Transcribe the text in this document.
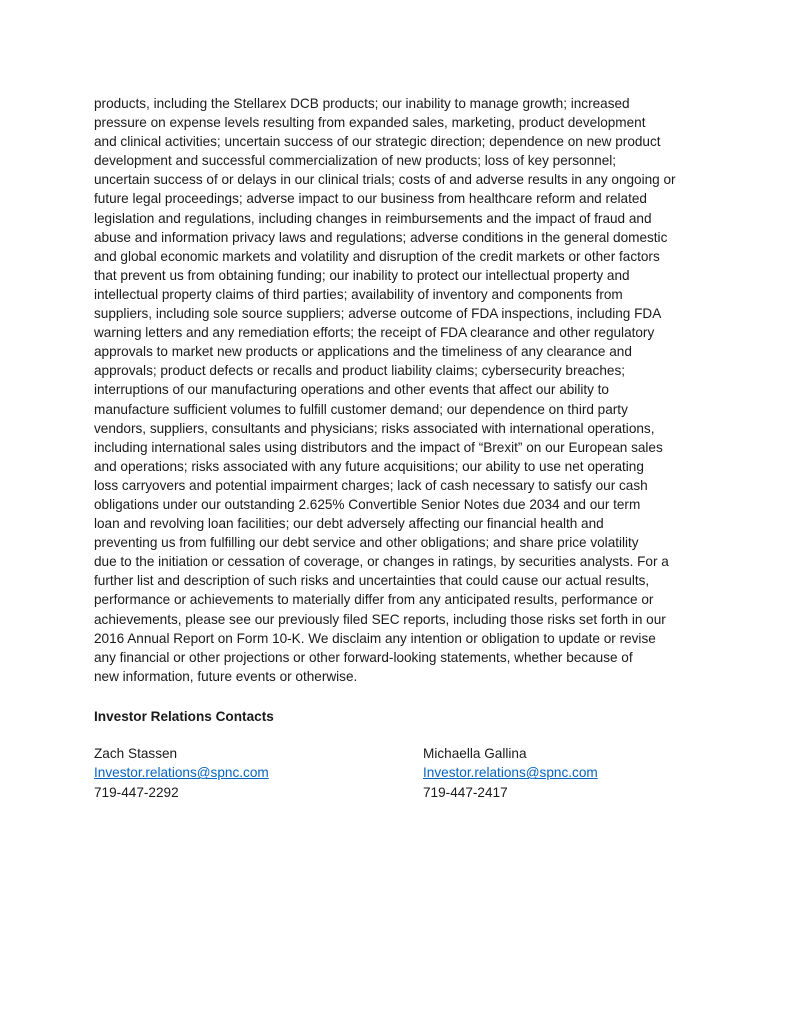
products, including the Stellarex DCB products; our inability to manage growth; increased
pressure on expense levels resulting from expanded sales, marketing, product development
and clinical activities; uncertain success of our strategic direction; dependence on new product
development and successful commercialization of new products; loss of key personnel;
uncertain success of or delays in our clinical trials; costs of and adverse results in any ongoing or
future legal proceedings; adverse impact to our business from healthcare reform and related
legislation and regulations, including changes in reimbursements and the impact of fraud and
abuse and information privacy laws and regulations; adverse conditions in the general domestic
and global economic markets and volatility and disruption of the credit markets or other factors
that prevent us from obtaining funding; our inability to protect our intellectual property and
intellectual property claims of third parties; availability of inventory and components from
suppliers, including sole source suppliers; adverse outcome of FDA inspections, including FDA
warning letters and any remediation efforts; the receipt of FDA clearance and other regulatory
approvals to market new products or applications and the timeliness of any clearance and
approvals; product defects or recalls and product liability claims; cybersecurity breaches;
interruptions of our manufacturing operations and other events that affect our ability to
manufacture sufficient volumes to fulfill customer demand; our dependence on third party
vendors, suppliers, consultants and physicians; risks associated with international operations,
including international sales using distributors and the impact of “Brexit” on our European sales
and operations; risks associated with any future acquisitions; our ability to use net operating
loss carryovers and potential impairment charges; lack of cash necessary to satisfy our cash
obligations under our outstanding 2.625% Convertible Senior Notes due 2034 and our term
loan and revolving loan facilities; our debt adversely affecting our financial health and
preventing us from fulfilling our debt service and other obligations; and share price volatility
due to the initiation or cessation of coverage, or changes in ratings, by securities analysts. For a
further list and description of such risks and uncertainties that could cause our actual results,
performance or achievements to materially differ from any anticipated results, performance or
achievements, please see our previously filed SEC reports, including those risks set forth in our
2016 Annual Report on Form 10-K. We disclaim any intention or obligation to update or revise
any financial or other projections or other forward-looking statements, whether because of
new information, future events or otherwise.

Investor Relations Contacts
Zach Stassen
Investor.relations@spnc.com
719-447-2292
Michaella Gallina
Investor.relations@spnc.com
719-447-2417
